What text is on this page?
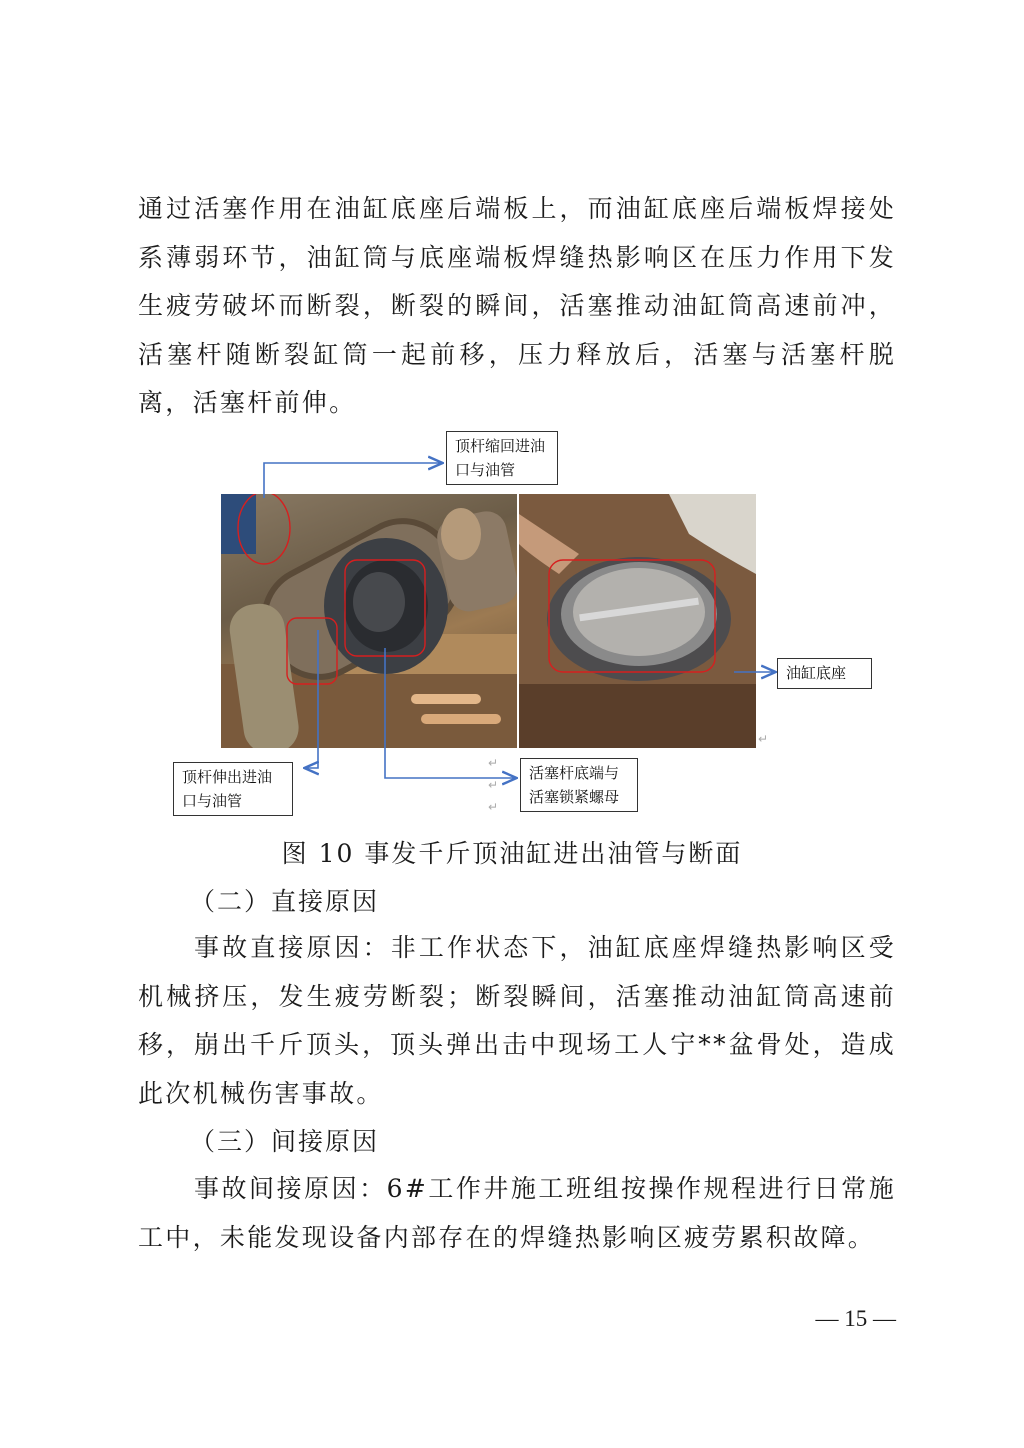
通过活塞作用在油缸底座后端板上，而油缸底座后端板焊接处系薄弱环节，油缸筒与底座端板焊缝热影响区在压力作用下发生疲劳破坏而断裂，断裂的瞬间，活塞推动油缸筒高速前冲，活塞杆随断裂缸筒一起前移，压力释放后，活塞与活塞杆脱离，活塞杆前伸。

顶杆缩回进油口与油管
油缸底座
顶杆伸出进油口与油管
活塞杆底端与活塞锁紧螺母
↵
↵
↵
↵

图 10 事发千斤顶油缸进出油管与断面

（二）直接原因

事故直接原因：非工作状态下，油缸底座焊缝热影响区受机械挤压，发生疲劳断裂；断裂瞬间，活塞推动油缸筒高速前移，崩出千斤顶头，顶头弹出击中现场工人宁**盆骨处，造成此次机械伤害事故。

（三）间接原因

事故间接原因：6#工作井施工班组按操作规程进行日常施工中，未能发现设备内部存在的焊缝热影响区疲劳累积故障。

— 15 —
